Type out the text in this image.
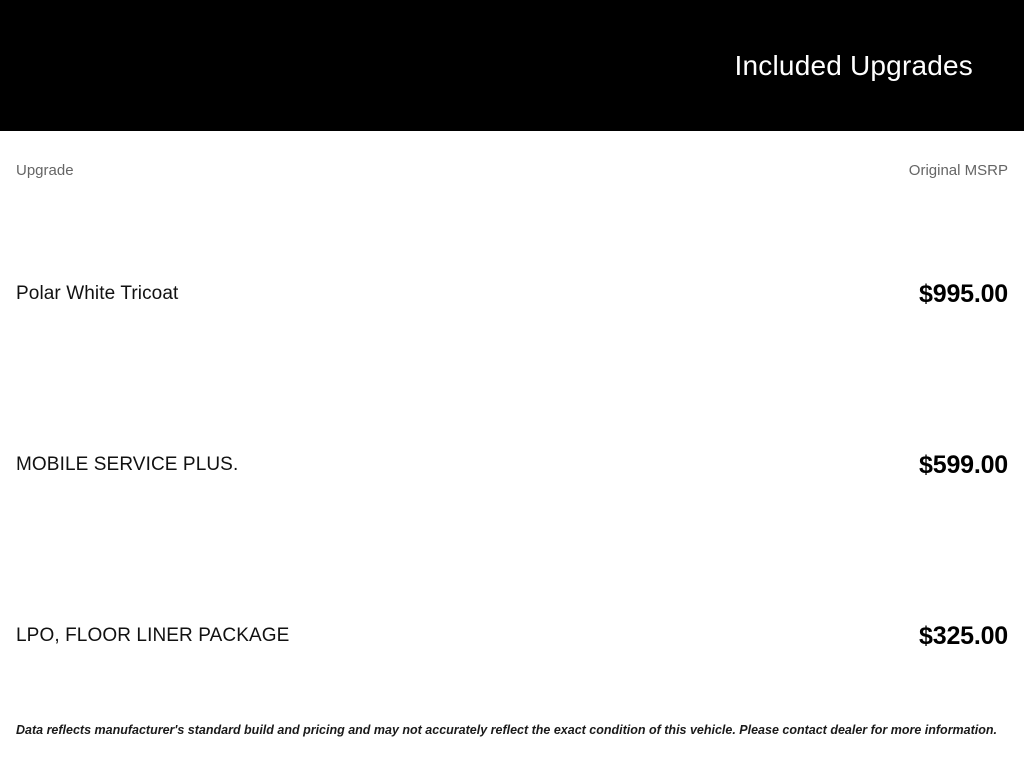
Included Upgrades
Upgrade	Original MSRP
Polar White Tricoat	$995.00
MOBILE SERVICE PLUS.	$599.00
LPO, FLOOR LINER PACKAGE	$325.00
Data reflects manufacturer's standard build and pricing and may not accurately reflect the exact condition of this vehicle. Please contact dealer for more information.
